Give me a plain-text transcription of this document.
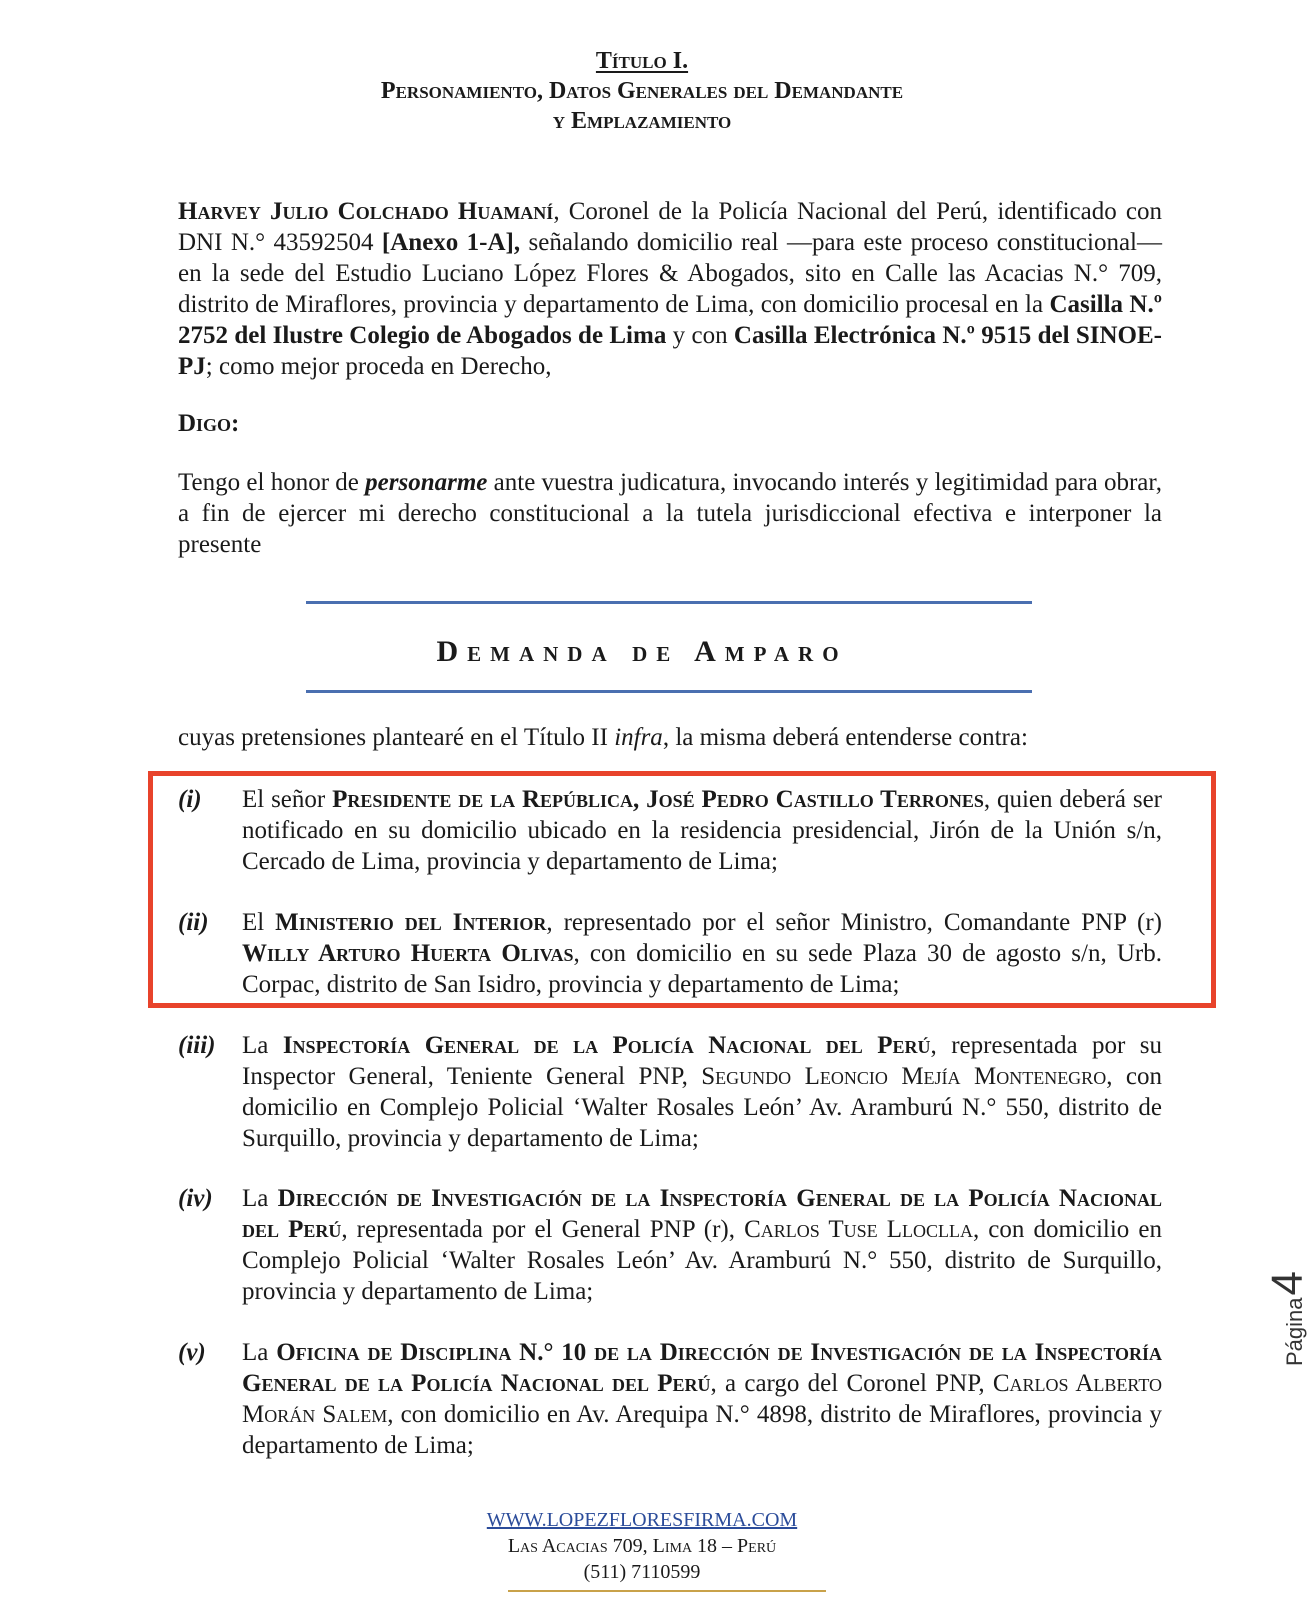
Título I.
Personamiento, Datos Generales del Demandante
y Emplazamiento
Harvey Julio Colchado Huamaní, Coronel de la Policía Nacional del Perú, identificado con DNI N.° 43592504 [Anexo 1-A], señalando domicilio real —para este proceso constitucional— en la sede del Estudio Luciano López Flores & Abogados, sito en Calle las Acacias N.° 709, distrito de Miraflores, provincia y departamento de Lima, con domicilio procesal en la Casilla N.º 2752 del Ilustre Colegio de Abogados de Lima y con Casilla Electrónica N.º 9515 del SINOE-PJ; como mejor proceda en Derecho,
Digo:
Tengo el honor de personarme ante vuestra judicatura, invocando interés y legitimidad para obrar, a fin de ejercer mi derecho constitucional a la tutela jurisdiccional efectiva e interponer la presente
Demanda de Amparo
cuyas pretensiones plantearé en el Título II infra, la misma deberá entenderse contra:
(i)	El señor Presidente de la República, José Pedro Castillo Terrones, quien deberá ser notificado en su domicilio ubicado en la residencia presidencial, Jirón de la Unión s/n, Cercado de Lima, provincia y departamento de Lima;
(ii)	El Ministerio del Interior, representado por el señor Ministro, Comandante PNP (r) Willy Arturo Huerta Olivas, con domicilio en su sede Plaza 30 de agosto s/n, Urb. Corpac, distrito de San Isidro, provincia y departamento de Lima;
(iii)	La Inspectoría General de la Policía Nacional del Perú, representada por su Inspector General, Teniente General PNP, Segundo Leoncio Mejía Montenegro, con domicilio en Complejo Policial ‘Walter Rosales León’ Av. Aramburú N.° 550, distrito de Surquillo, provincia y departamento de Lima;
(iv)	La Dirección de Investigación de la Inspectoría General de la Policía Nacional del Perú, representada por el General PNP (r), Carlos Tuse Lloclla, con domicilio en Complejo Policial ‘Walter Rosales León’ Av. Aramburú N.° 550, distrito de Surquillo, provincia y departamento de Lima;
(v)	La Oficina de Disciplina N.° 10 de la Dirección de Investigación de la Inspectoría General de la Policía Nacional del Perú, a cargo del Coronel PNP, Carlos Alberto Morán Salem, con domicilio en Av. Arequipa N.° 4898, distrito de Miraflores, provincia y departamento de Lima;
Página
4
WWW.LOPEZFLORESFIRMA.COM
Las Acacias 709, Lima 18 – Perú
(511) 7110599
